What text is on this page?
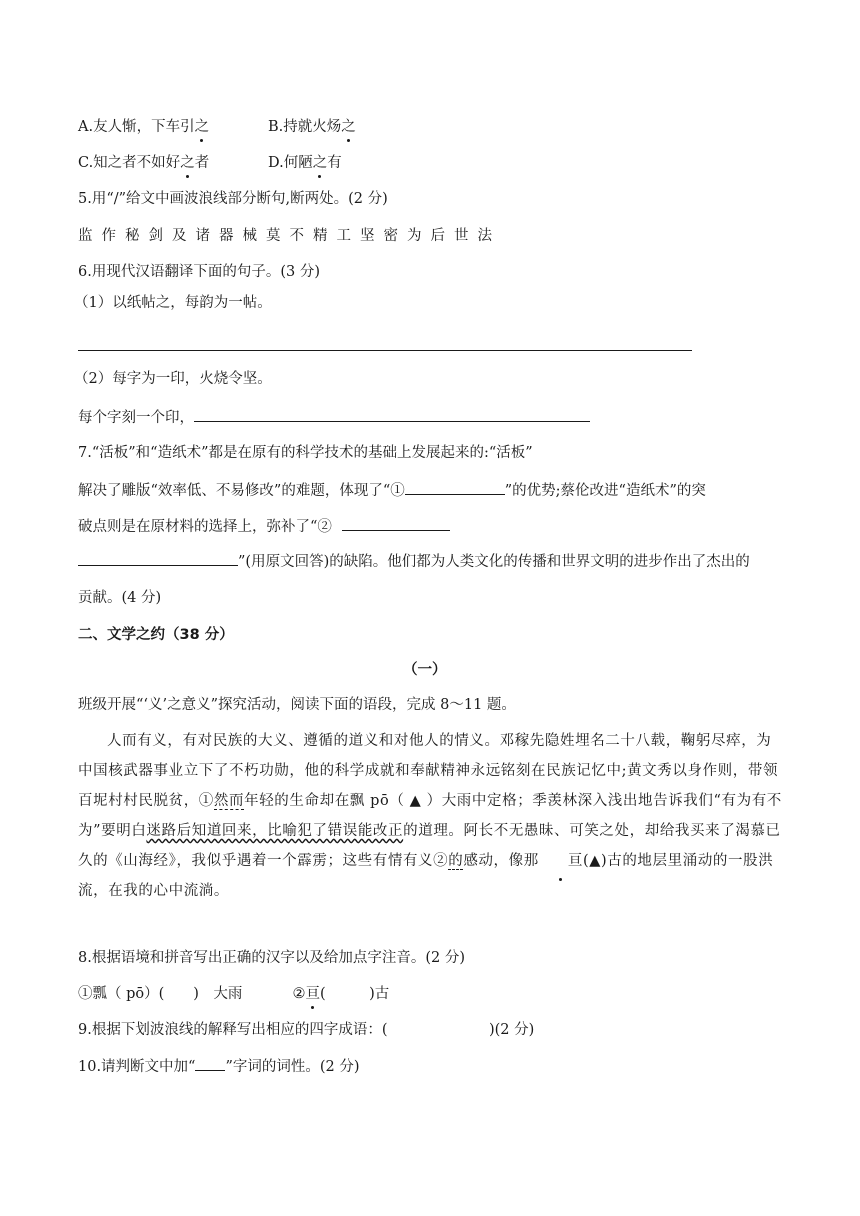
A.友人惭，下车引之	B.持就火炀之
C.知之者不如好之者	D.何陋之有
5.用“/”给文中画波浪线部分断句,断两处。(2 分)
监作秘剑及诸器械莫不精工坚密为后世法
6.用现代汉语翻译下面的句子。(3 分)
（1）以纸帖之，每韵为一帖。
（2）每字为一印，火烧令坚。
每个字刻一个印，
7.“活板”和“造纸术”都是在原有的科学技术的基础上发展起来的:“活板”
解决了雕版“效率低、不易修改”的难题，体现了“①	”的优势;蔡伦改进“造纸术”的突
破点则是在原材料的选择上，弥补了“②
”(用原文回答)的缺陷。他们都为人类文化的传播和世界文明的进步作出了杰出的
贡献。(4 分)
二、文学之约（38 分）
（一）
班级开展“‘义’之意义”探究活动，阅读下面的语段，完成 8～11 题。
人而有义，有对民族的大义、遵循的道义和对他人的情义。邓稼先隐姓埋名二十八载，鞠躬尽瘁，为中国核武器事业立下了不朽功勋，他的科学成就和奉献精神永远铭刻在民族记忆中;黄文秀以身作则，带领百坭村村民脱贫，①然而年轻的生命却在飘 pō（ ▲ ）大雨中定格；季羡林深入浅出地告诉我们“有为有不为”要明白迷路后知道回来，比喻犯了错误能改正的道理。阿长不无愚昧、可笑之处，却给我买来了渴慕已久的《山海经》，我似乎遇着一个霹雳；这些有情有义②的感动，像那 亘(▲)古的地层里涌动的一股洪流，在我的心中流淌。
8.根据语境和拼音写出正确的汉字以及给加点字注音。(2 分)
①瓢（ pō）(　　)　大雨	②亘(　　　)古
9.根据下划波浪线的解释写出相应的四字成语：(　　　　　　　)(2 分)
10.请判断文中加“ ”字词的词性。(2 分)
